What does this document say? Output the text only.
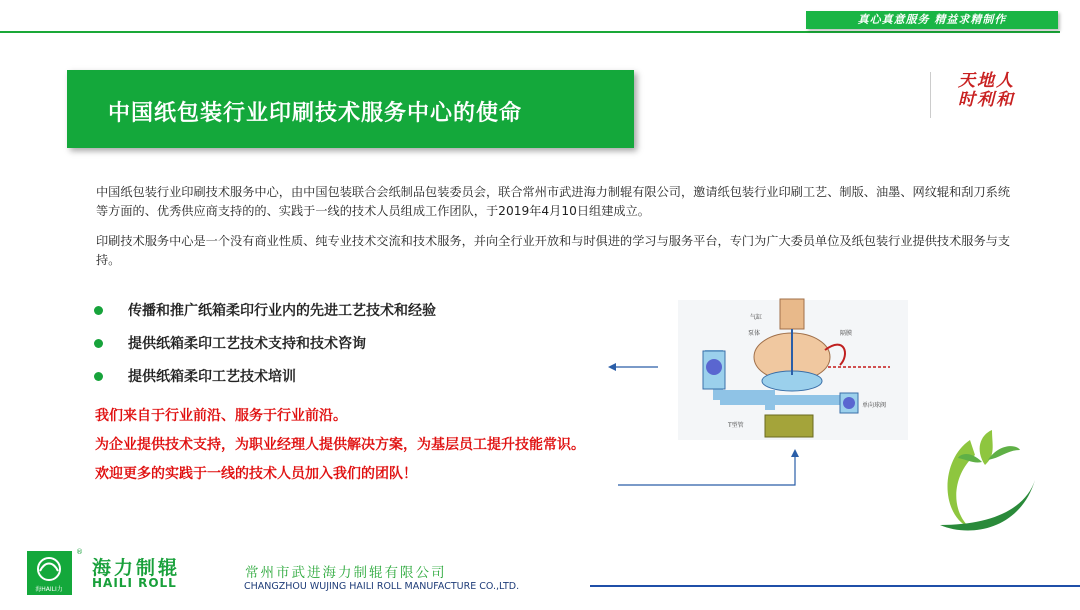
真心真意服务 精益求精制作
中国纸包装行业印刷技术服务中心的使命
天地人时利和
中国纸包装行业印刷技术服务中心，由中国包装联合会纸制品包装委员会，联合常州市武进海力制辊有限公司，邀请纸包装行业印刷工艺、制版、油墨、网纹辊和刮刀系统等方面的、优秀供应商支持的的、实践于一线的技术人员组成工作团队，于2019年4月10日组建成立。
印刷技术服务中心是一个没有商业性质、纯专业技术交流和技术服务，并向全行业开放和与时俱进的学习与服务平台，专门为广大委员单位及纸包装行业提供技术服务与支持。
传播和推广纸箱柔印行业内的先进工艺技术和经验
提供纸箱柔印工艺技术支持和技术咨询
提供纸箱柔印工艺技术培训
我们来自于行业前沿、服务于行业前沿。
为企业提供技术支持，为职业经理人提供解决方案，为基层员工提升技能常识。
欢迎更多的实践于一线的技术人员加入我们的团队！
气缸
泵体	隔膜
单向球阀
T型管
海HAILI力
®
海力制辊
HAILI ROLL
常州市武进海力制辊有限公司
CHANGZHOU WUJING HAILI ROLL MANUFACTURE CO.,LTD.
